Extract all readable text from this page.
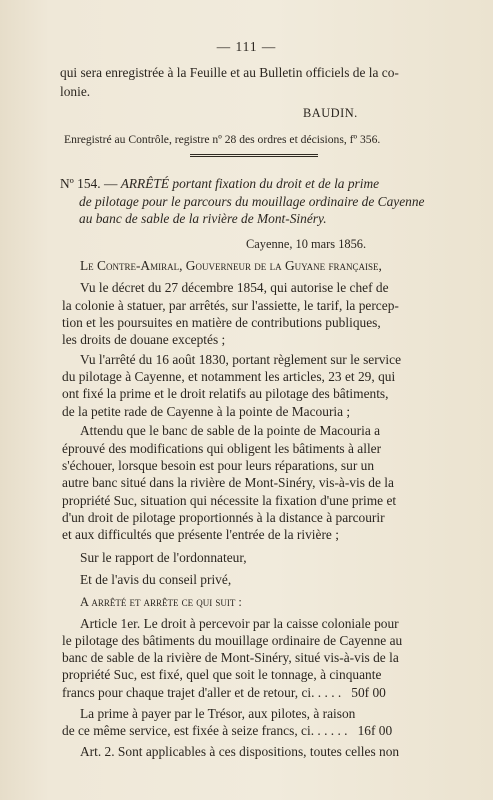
— 111 —
qui sera enregistrée à la Feuille et au Bulletin officiels de la co-
lonie.
BAUDIN.
Enregistré au Contrôle, registre nº 28 des ordres et décisions, fº 356.
Nº 154. — ARRÊTÉ portant fixation du droit et de la prime
de pilotage pour le parcours du mouillage ordinaire de Cayenne
au banc de sable de la rivière de Mont-Sinéry.
Cayenne, 10 mars 1856.
Le Contre-Amiral, Gouverneur de la Guyane française,
Vu le décret du 27 décembre 1854, qui autorise le chef de
la colonie à statuer, par arrêtés, sur l'assiette, le tarif, la percep-
tion et les poursuites en matière de contributions publiques,
les droits de douane exceptés ;
Vu l'arrêté du 16 août 1830, portant règlement sur le service
du pilotage à Cayenne, et notamment les articles, 23 et 29, qui
ont fixé la prime et le droit relatifs au pilotage des bâtiments,
de la petite rade de Cayenne à la pointe de Macouria ;
Attendu que le banc de sable de la pointe de Macouria a
éprouvé des modifications qui obligent les bâtiments à aller
s'échouer, lorsque besoin est pour leurs réparations, sur un
autre banc situé dans la rivière de Mont-Sinéry, vis-à-vis de la
propriété Suc, situation qui nécessite la fixation d'une prime et
d'un droit de pilotage proportionnés à la distance à parcourir
et aux difficultés que présente l'entrée de la rivière ;
Sur le rapport de l'ordonnateur,
Et de l'avis du conseil privé,
A arrêté et arrête ce qui suit :
Article 1er. Le droit à percevoir par la caisse coloniale pour
le pilotage des bâtiments du mouillage ordinaire de Cayenne au
banc de sable de la rivière de Mont-Sinéry, situé vis-à-vis de la
propriété Suc, est fixé, quel que soit le tonnage, à cinquante
francs pour chaque trajet d'aller et de retour, ci. . . . .   50f 00
La prime à payer par le Trésor, aux pilotes, à raison
de ce même service, est fixée à seize francs, ci. . . . . .   16f 00
Art. 2. Sont applicables à ces dispositions, toutes celles non
